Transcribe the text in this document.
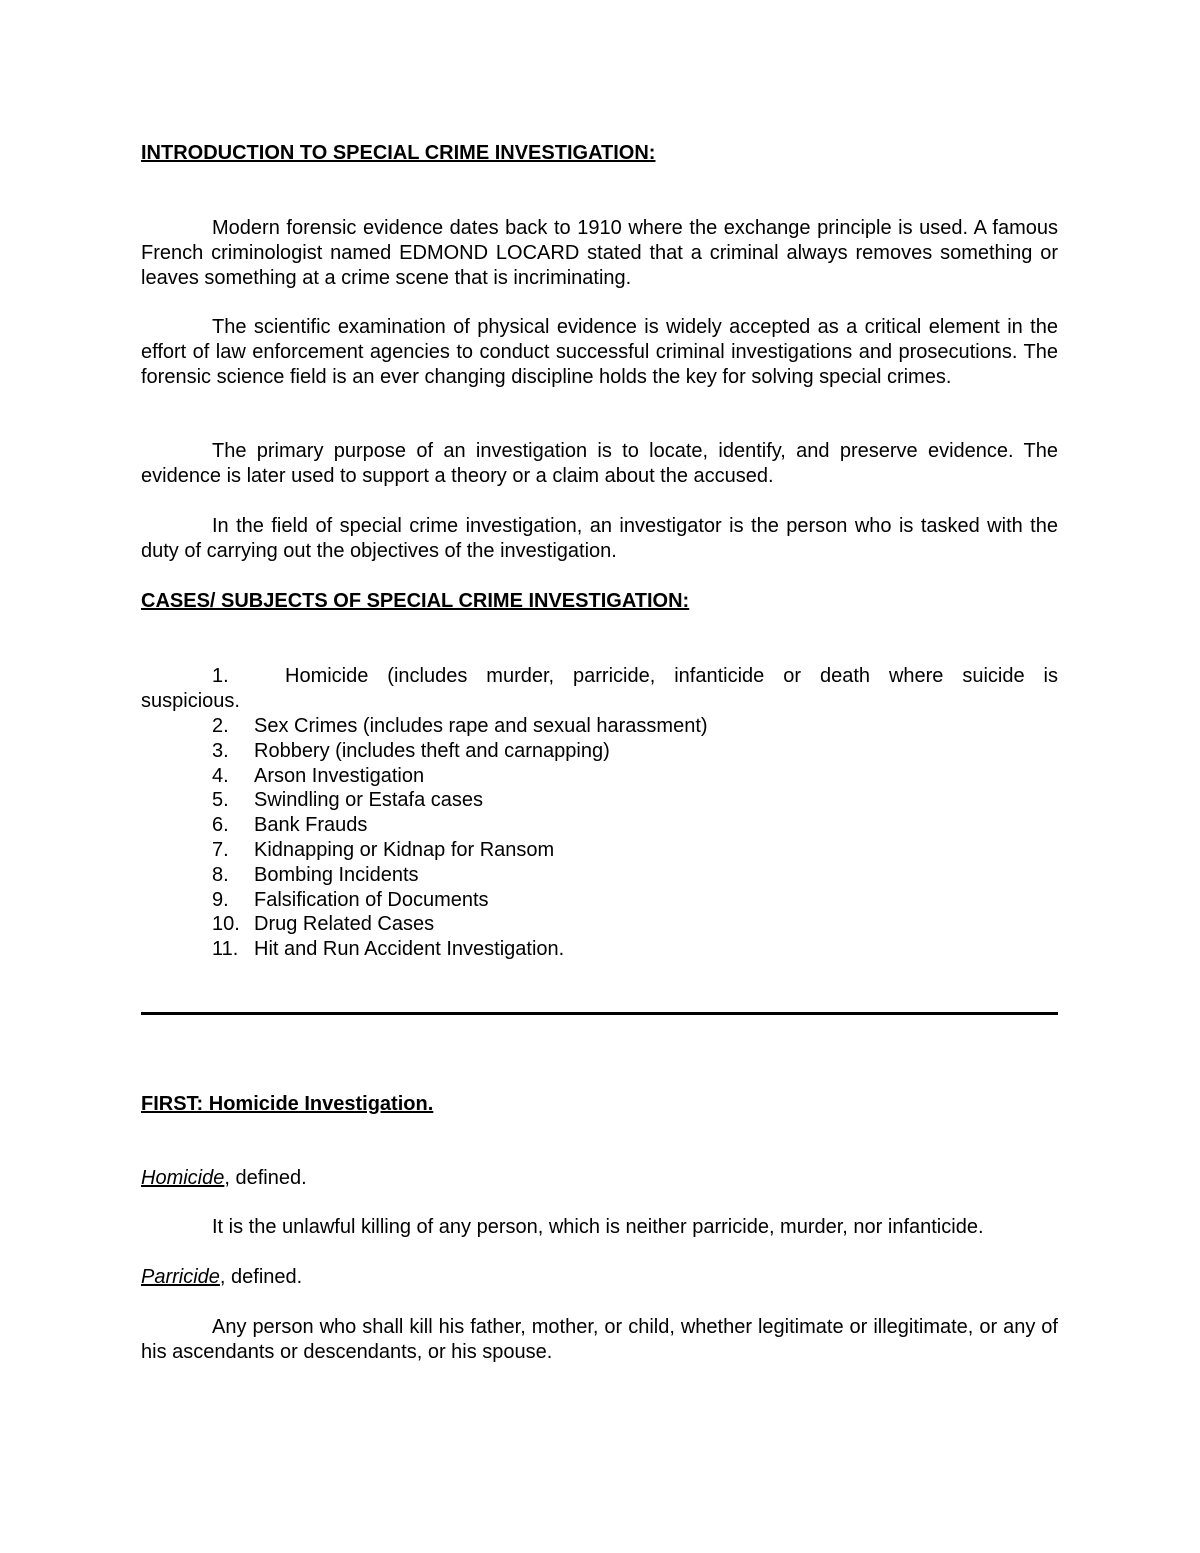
INTRODUCTION TO SPECIAL CRIME INVESTIGATION:
Modern forensic evidence dates back to 1910 where the exchange principle is used. A famous French criminologist named EDMOND LOCARD stated that a criminal always removes something or leaves something at a crime scene that is incriminating.
The scientific examination of physical evidence is widely accepted as a critical element in the effort of law enforcement agencies to conduct successful criminal investigations and prosecutions. The forensic science field is an ever changing discipline holds the key for solving special crimes.
The primary purpose of an investigation is to locate, identify, and preserve evidence. The evidence is later used to support a theory or a claim about the accused.
In the field of special crime investigation, an investigator is the person who is tasked with the duty of carrying out the objectives of the investigation.
CASES/ SUBJECTS OF SPECIAL CRIME INVESTIGATION:
1.	Homicide (includes murder, parricide, infanticide or death where suicide is
suspicious.
2. Sex Crimes (includes rape and sexual harassment)
3. Robbery (includes theft and carnapping)
4. Arson Investigation
5. Swindling or Estafa cases
6. Bank Frauds
7. Kidnapping or Kidnap for Ransom
8. Bombing Incidents
9. Falsification of Documents
10. Drug Related Cases
11. Hit and Run Accident Investigation.
FIRST: Homicide Investigation.
Homicide, defined.
It is the unlawful killing of any person, which is neither parricide, murder, nor infanticide.
Parricide, defined.
Any person who shall kill his father, mother, or child, whether legitimate or illegitimate, or any of his ascendants or descendants, or his spouse.
